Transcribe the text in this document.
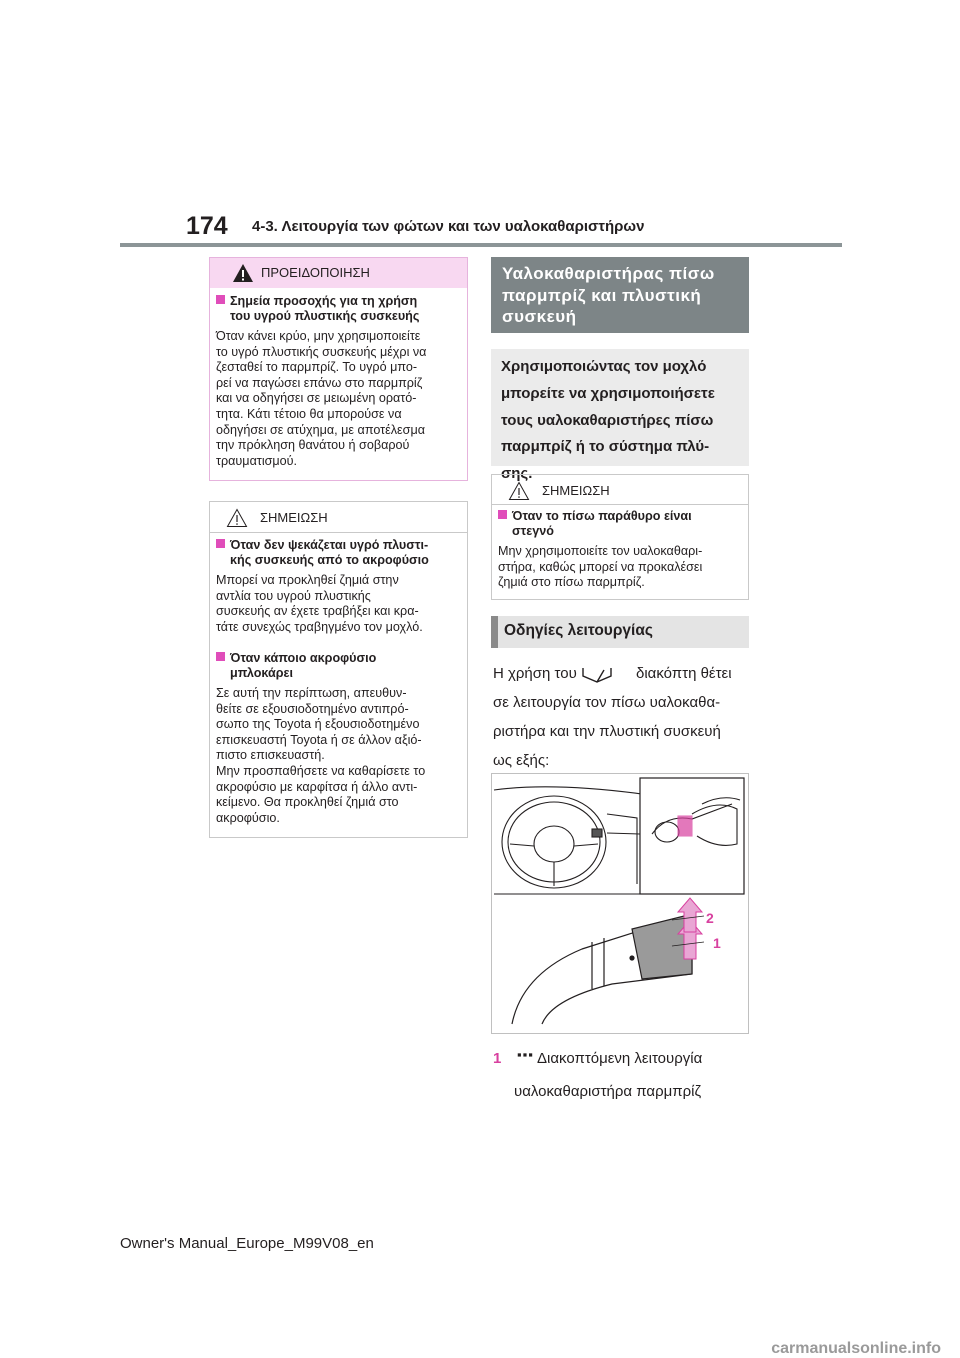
174 4-3. Λειτουργία των φώτων και των υαλοκαθαριστήρων
ΠΡΟΕΙΔΟΠΟΙΗΣΗ
Σημεία προσοχής για τη χρήση
του υγρού πλυστικής συσκευής
Όταν κάνει κρύο, μην χρησιμοποιείτε
το υγρό πλυστικής συσκευής μέχρι να
ζεσταθεί το παρμπρίζ. Το υγρό μπο-
ρεί να παγώσει επάνω στο παρμπρίζ
και να οδηγήσει σε μειωμένη ορατό-
τητα. Κάτι τέτοιο θα μπορούσε να
οδηγήσει σε ατύχημα, με αποτέλεσμα
την πρόκληση θανάτου ή σοβαρού
τραυματισμού.
ΣΗΜΕΙΩΣΗ
Όταν δεν ψεκάζεται υγρό πλυστι-
κής συσκευής από το ακροφύσιο
Μπορεί να προκληθεί ζημιά στην
αντλία του υγρού πλυστικής
συσκευής αν έχετε τραβήξει και κρα-
τάτε συνεχώς τραβηγμένο τον μοχλό.
Όταν κάποιο ακροφύσιο
μπλοκάρει
Σε αυτή την περίπτωση, απευθυν-
θείτε σε εξουσιοδοτημένο αντιπρό-
σωπο της Toyota ή εξουσιοδοτημένο
επισκευαστή Toyota ή σε άλλον αξιό-
πιστο επισκευαστή.
Μην προσπαθήσετε να καθαρίσετε το
ακροφύσιο με καρφίτσα ή άλλο αντι-
κείμενο. Θα προκληθεί ζημιά στο
ακροφύσιο.
Υαλοκαθαριστήρας πίσω
παρμπρίζ και πλυστική
συσκευή
Χρησιμοποιώντας τον μοχλό
μπορείτε να χρησιμοποιήσετε
τους υαλοκαθαριστήρες πίσω
παρμπρίζ ή το σύστημα πλύ-
σης.
ΣΗΜΕΙΩΣΗ
Όταν το πίσω παράθυρο είναι
στεγνό
Μην χρησιμοποιείτε τον υαλοκαθαρι-
στήρα, καθώς μπορεί να προκαλέσει
ζημιά στο πίσω παρμπρίζ.
Οδηγίες λειτουργίας
Η χρήση του	διακόπτη θέτει
σε λειτουργία τον πίσω υαλοκαθα-
ριστήρα και την πλυστική συσκευή
ως εξής:
2
1
1 ▪▪▪ Διακοπτόμενη λειτουργία
υαλοκαθαριστήρα παρμπρίζ
Owner's Manual_Europe_M99V08_en
carmanualsonline.info
